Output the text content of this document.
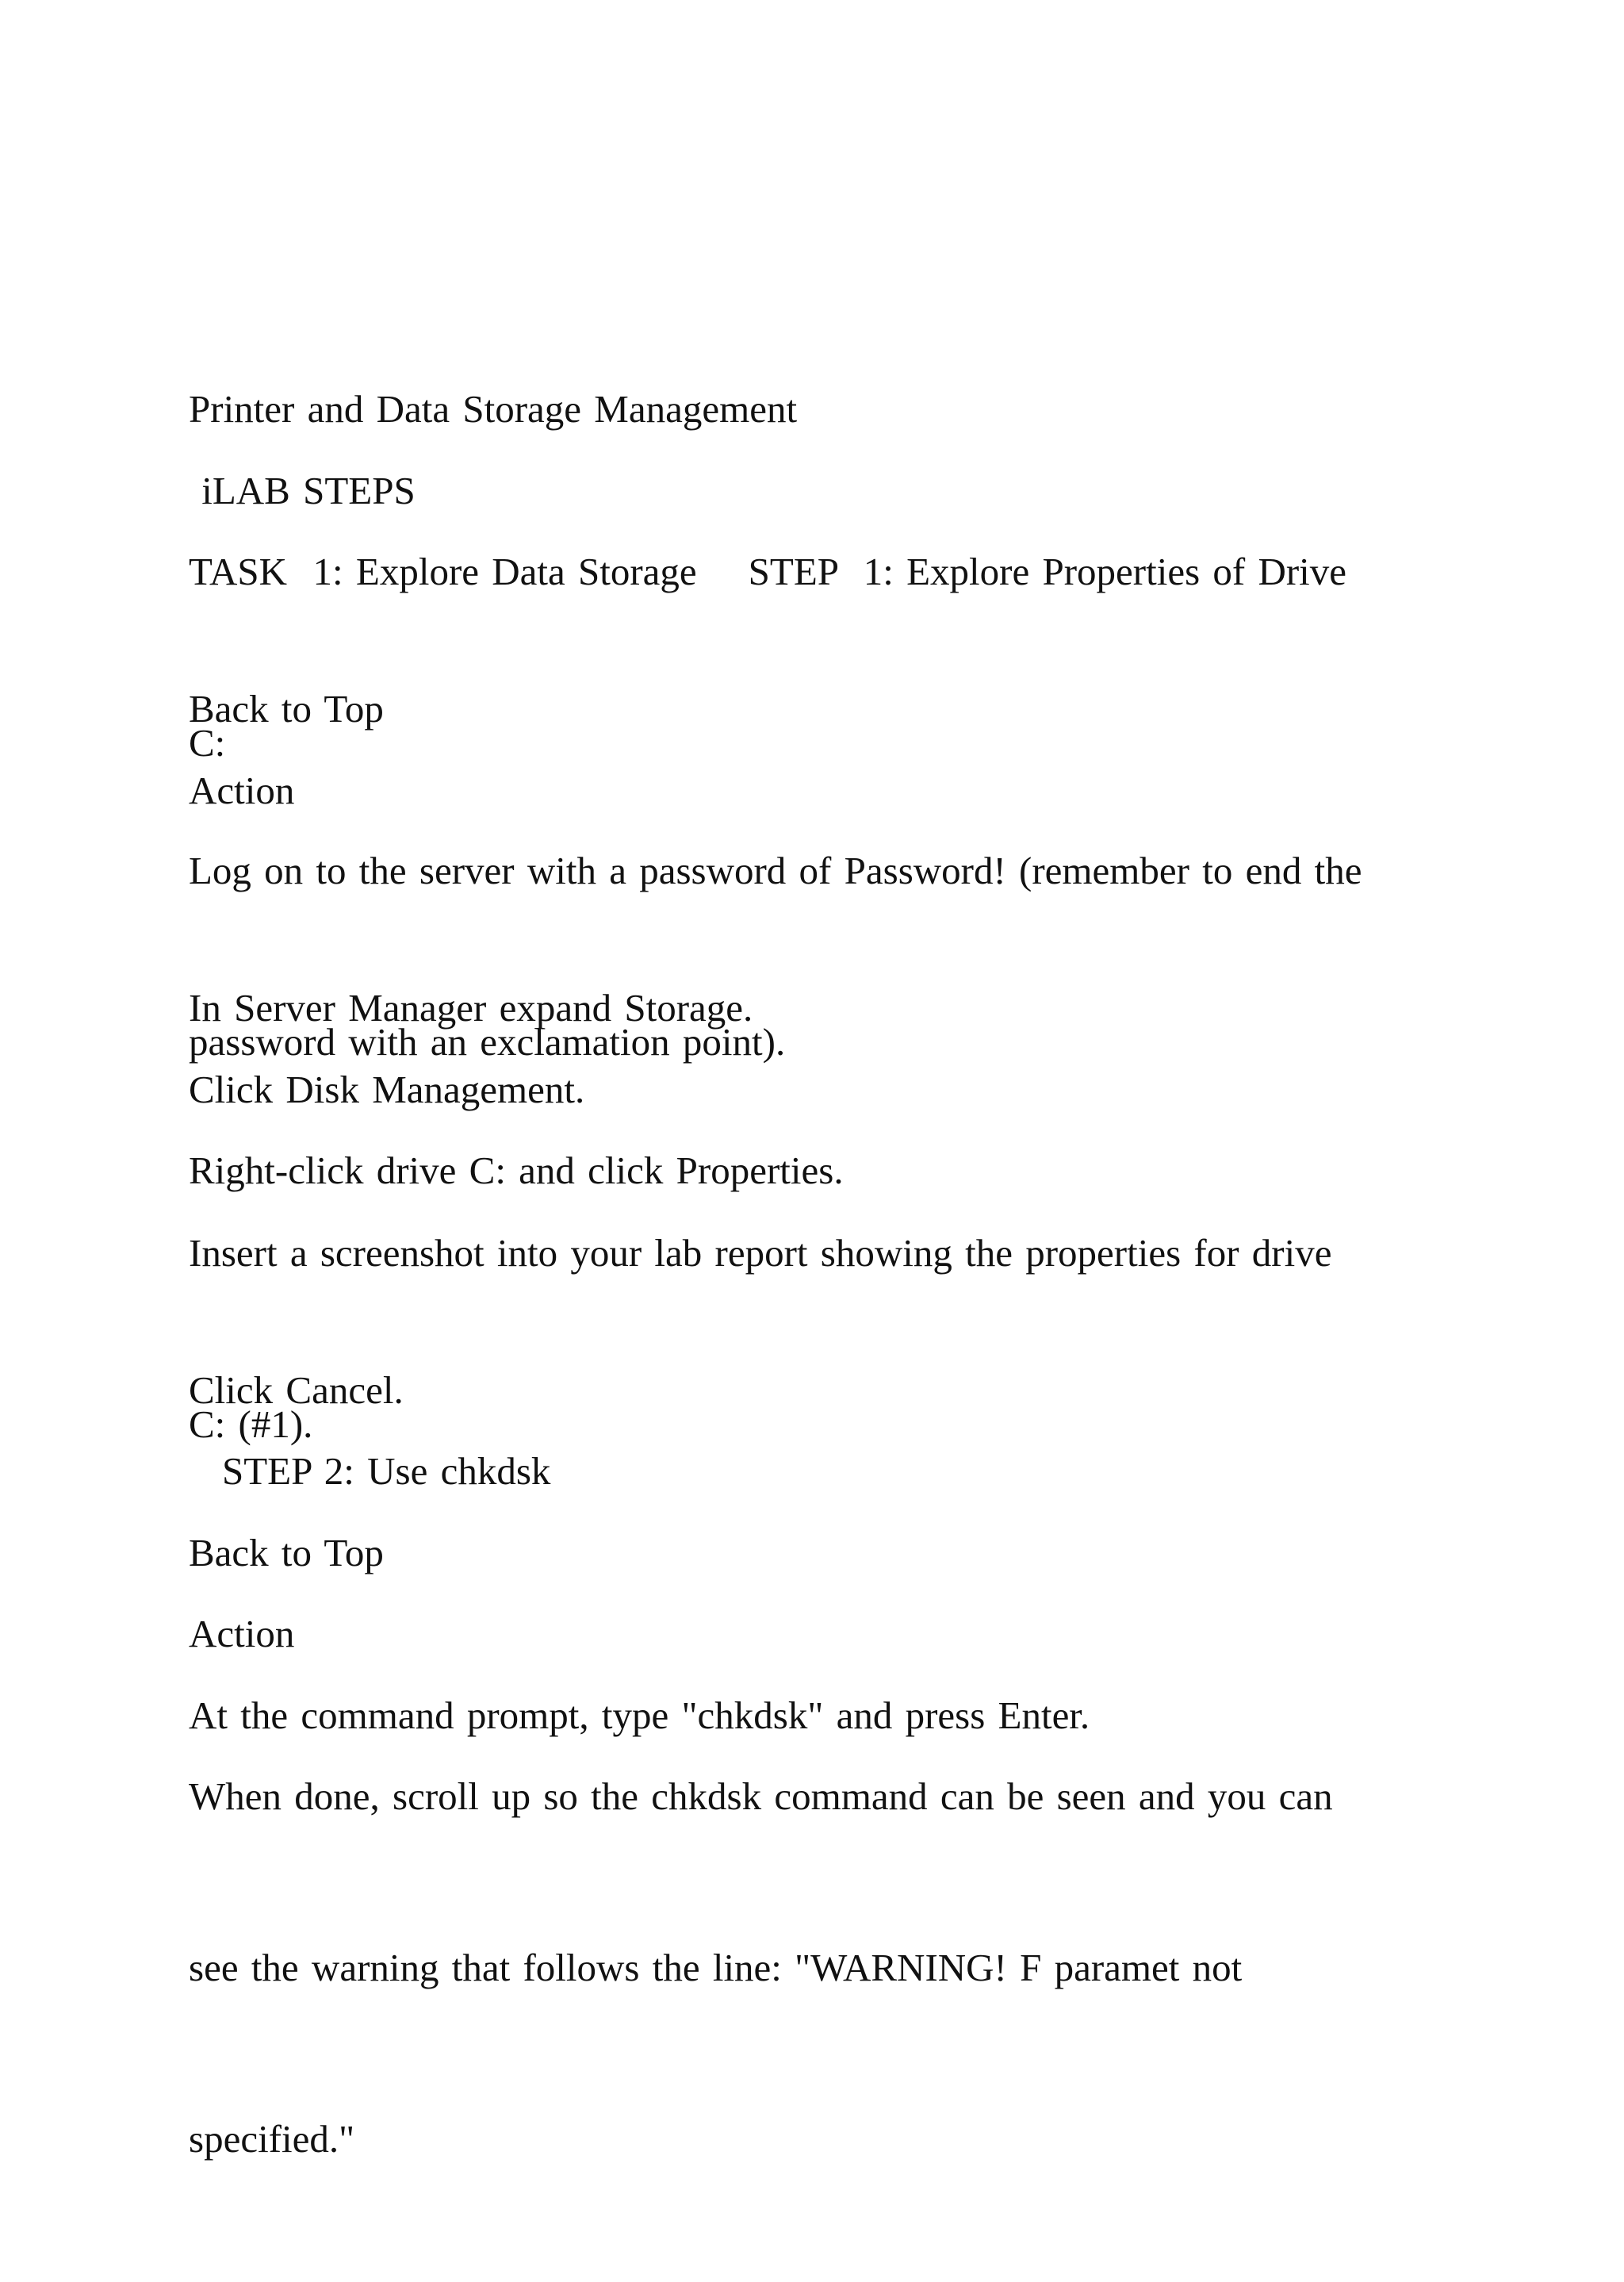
Printer and Data Storage Management

iLAB STEPS

TASK  1: Explore Data Storage    STEP  1: Explore Properties of Drive

C:

Back to Top

Action

Log on to the server with a password of Password! (remember to end the

password with an exclamation point).

In Server Manager expand Storage.

Click Disk Management.

Right-click drive C: and click Properties.

Insert a screenshot into your lab report showing the properties for drive

C: (#1).

Click Cancel.

STEP 2: Use chkdsk

Back to Top

Action

At the command prompt, type "chkdsk" and press Enter.

When done, scroll up so the chkdsk command can be seen and you can

see the warning that follows the line: "WARNING! F paramet not

specified."
